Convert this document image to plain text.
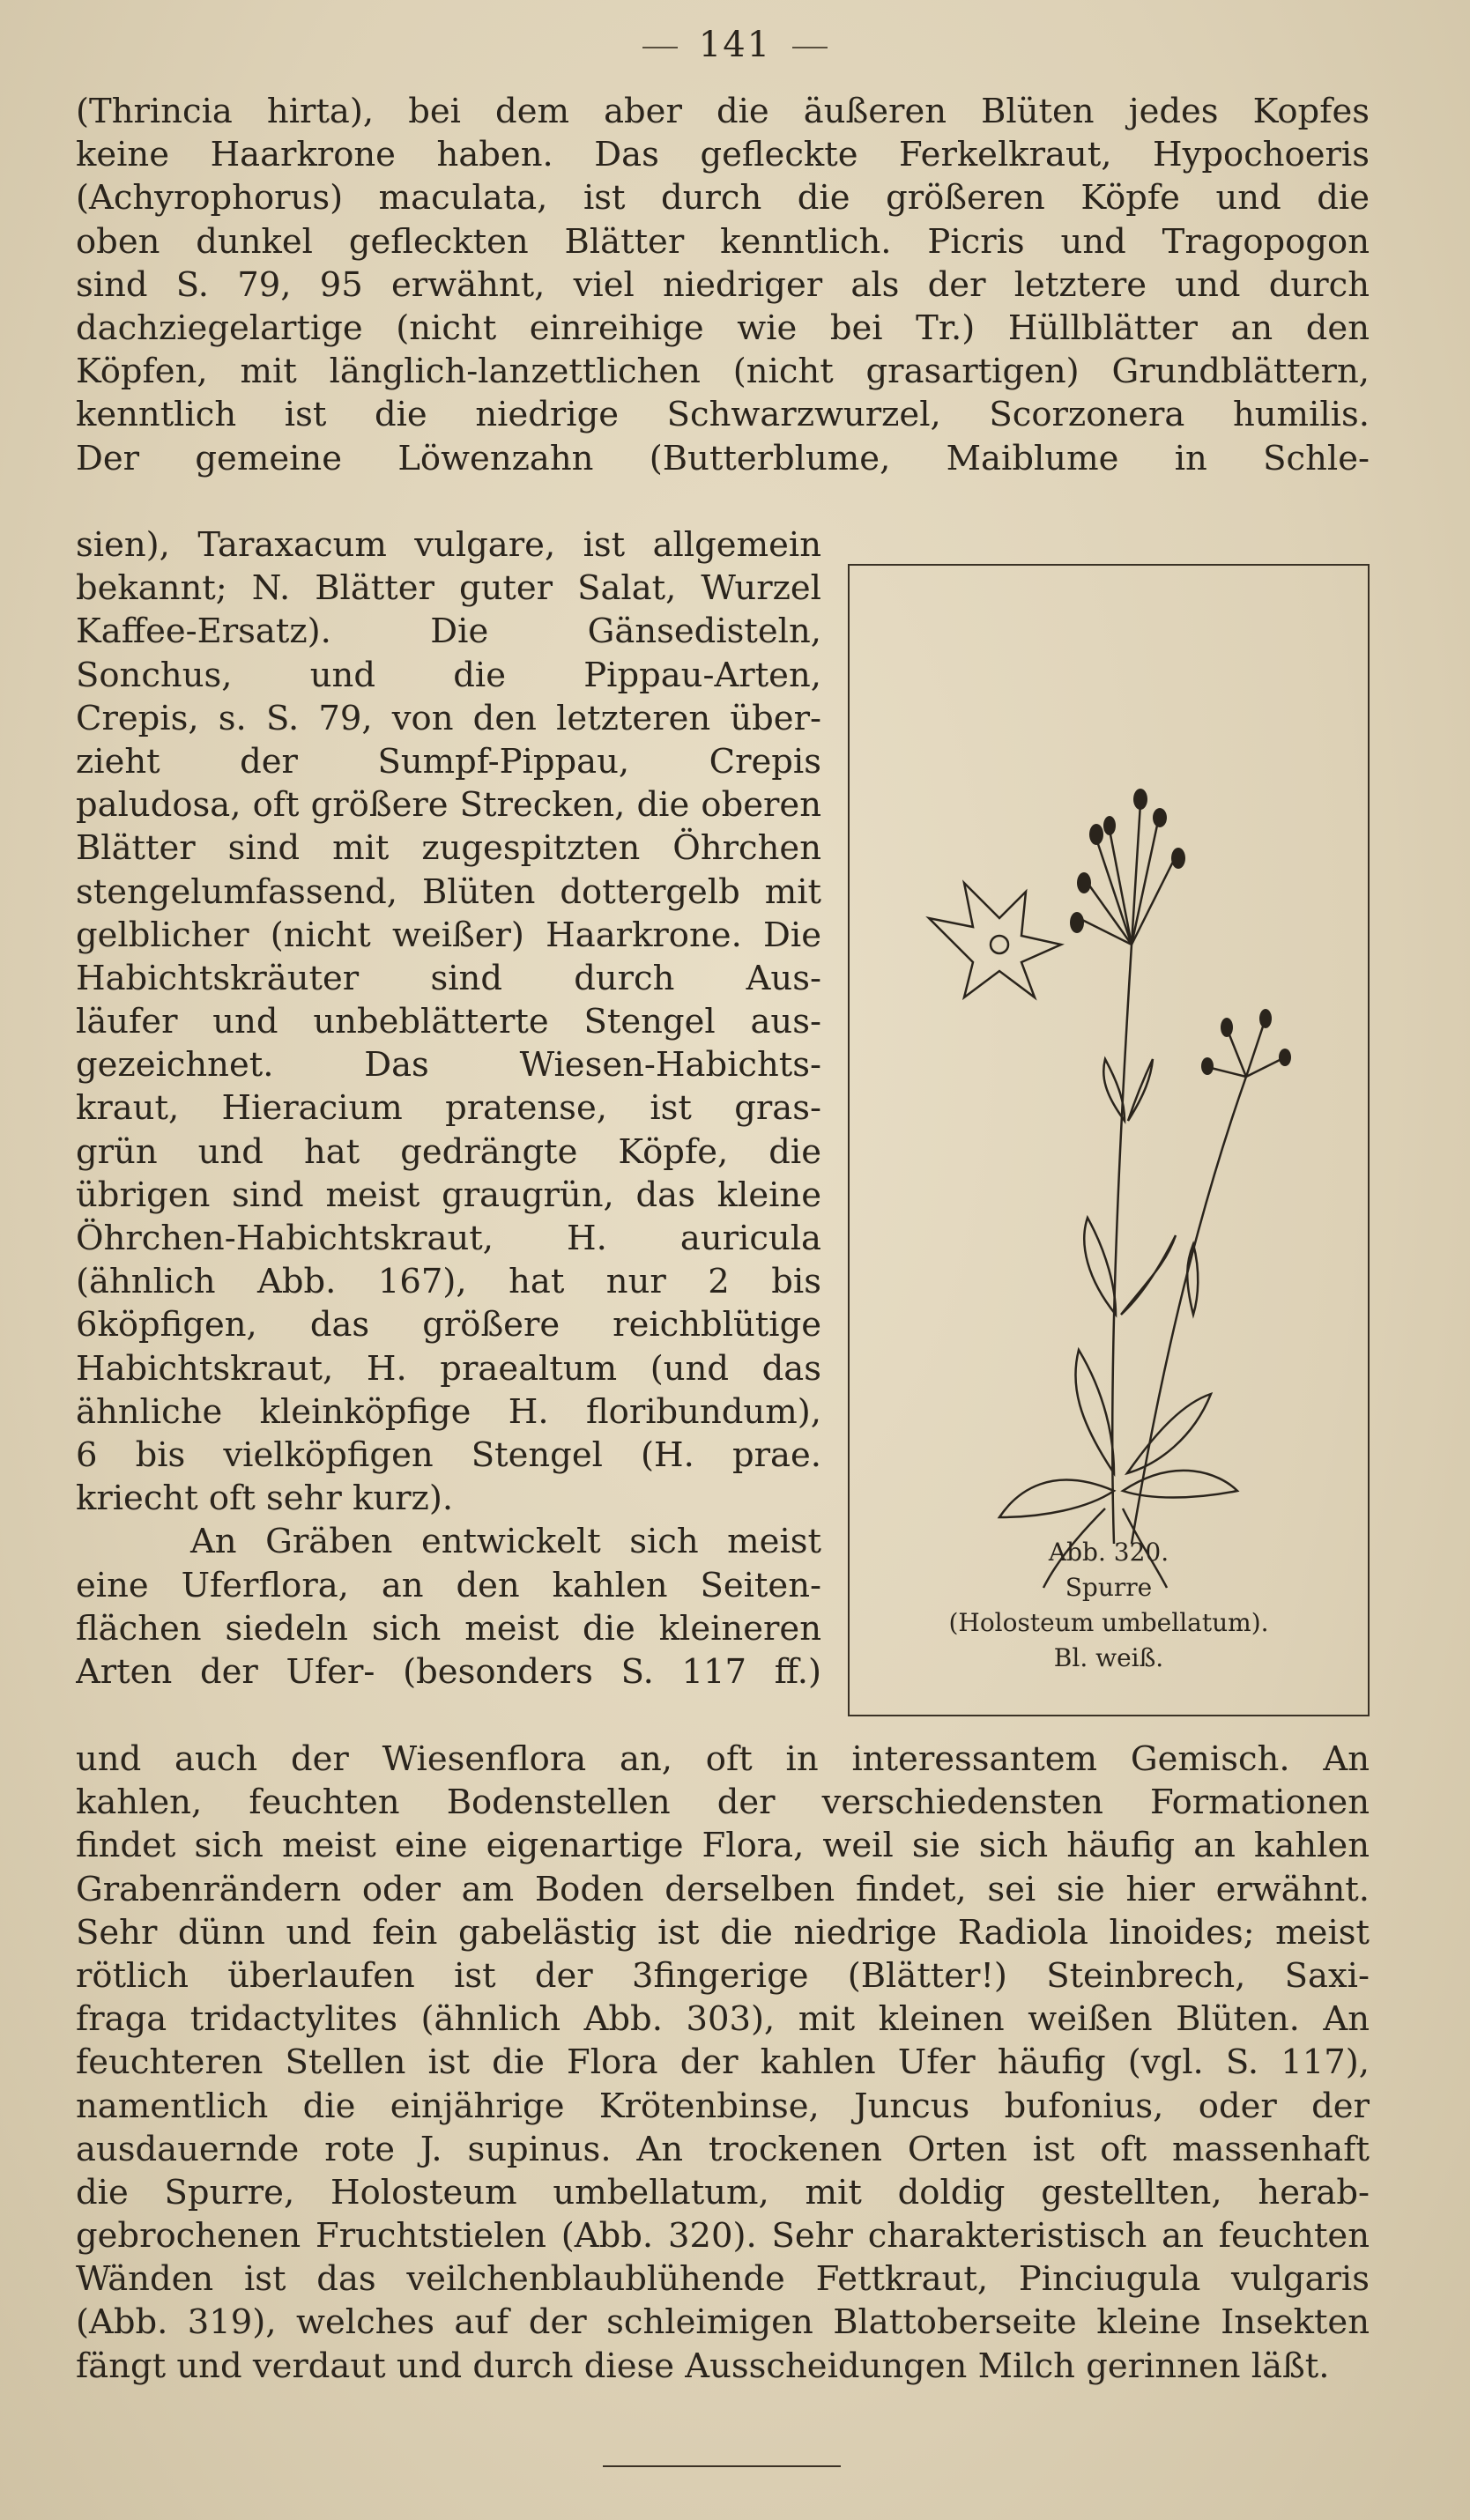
141
(Thrincia hirta), bei dem aber die äußeren Blüten jedes Kopfes
keine Haarkrone haben. Das gefleckte Ferkelkraut, Hypochoeris
(Achyrophorus) maculata, ist durch die größeren Köpfe und die
oben dunkel gefleckten Blätter kenntlich. Picris und Tragopogon
sind S. 79, 95 erwähnt, viel niedriger als der letztere und durch
dachziegelartige (nicht einreihige wie bei Tr.) Hüllblätter an den
Köpfen, mit länglich-lanzettlichen (nicht grasartigen) Grundblättern,
kenntlich ist die niedrige Schwarzwurzel, Scorzonera humilis.
Der gemeine Löwenzahn (Butterblume, Maiblume in Schle-
sien), Taraxacum vulgare, ist allgemein
bekannt; N. Blätter guter Salat, Wurzel
Kaffee-Ersatz). Die Gänsedisteln,
Sonchus, und die Pippau-Arten,
Crepis, s. S. 79, von den letzteren über-
zieht der Sumpf-Pippau, Crepis
paludosa, oft größere Strecken, die oberen
Blätter sind mit zugespitzten Öhrchen
stengelumfassend, Blüten dottergelb mit
gelblicher (nicht weißer) Haarkrone. Die
Habichtskräuter sind durch Aus-
läufer und unbeblätterte Stengel aus-
gezeichnet. Das Wiesen-Habichts-
kraut, Hieracium pratense, ist gras-
grün und hat gedrängte Köpfe, die
übrigen sind meist graugrün, das kleine
Öhrchen-Habichtskraut, H. auricula
(ähnlich Abb. 167), hat nur 2 bis
6köpfigen, das größere reichblütige
Habichtskraut, H. praealtum (und das
ähnliche kleinköpfige H. floribundum),
6 bis vielköpfigen Stengel (H. prae.
kriecht oft sehr kurz).
An Gräben entwickelt sich meist
eine Uferflora, an den kahlen Seiten-
flächen siedeln sich meist die kleineren
Arten der Ufer- (besonders S. 117 ff.)
Abb. 320.
Spurre
(Holosteum umbellatum).
Bl. weiß.
und auch der Wiesenflora an, oft in interessantem Gemisch. An
kahlen, feuchten Bodenstellen der verschiedensten Formationen
findet sich meist eine eigenartige Flora, weil sie sich häufig an kahlen
Grabenrändern oder am Boden derselben findet, sei sie hier erwähnt.
Sehr dünn und fein gabelästig ist die niedrige Radiola linoides; meist
rötlich überlaufen ist der 3fingerige (Blätter!) Steinbrech, Saxi-
fraga tridactylites (ähnlich Abb. 303), mit kleinen weißen Blüten. An
feuchteren Stellen ist die Flora der kahlen Ufer häufig (vgl. S. 117),
namentlich die einjährige Krötenbinse, Juncus bufonius, oder der
ausdauernde rote J. supinus. An trockenen Orten ist oft massenhaft
die Spurre, Holosteum umbellatum, mit doldig gestellten, herab-
gebrochenen Fruchtstielen (Abb. 320). Sehr charakteristisch an feuchten
Wänden ist das veilchenblaublühende Fettkraut, Pinciugula vulgaris
(Abb. 319), welches auf der schleimigen Blattoberseite kleine Insekten
fängt und verdaut und durch diese Ausscheidungen Milch gerinnen läßt.
